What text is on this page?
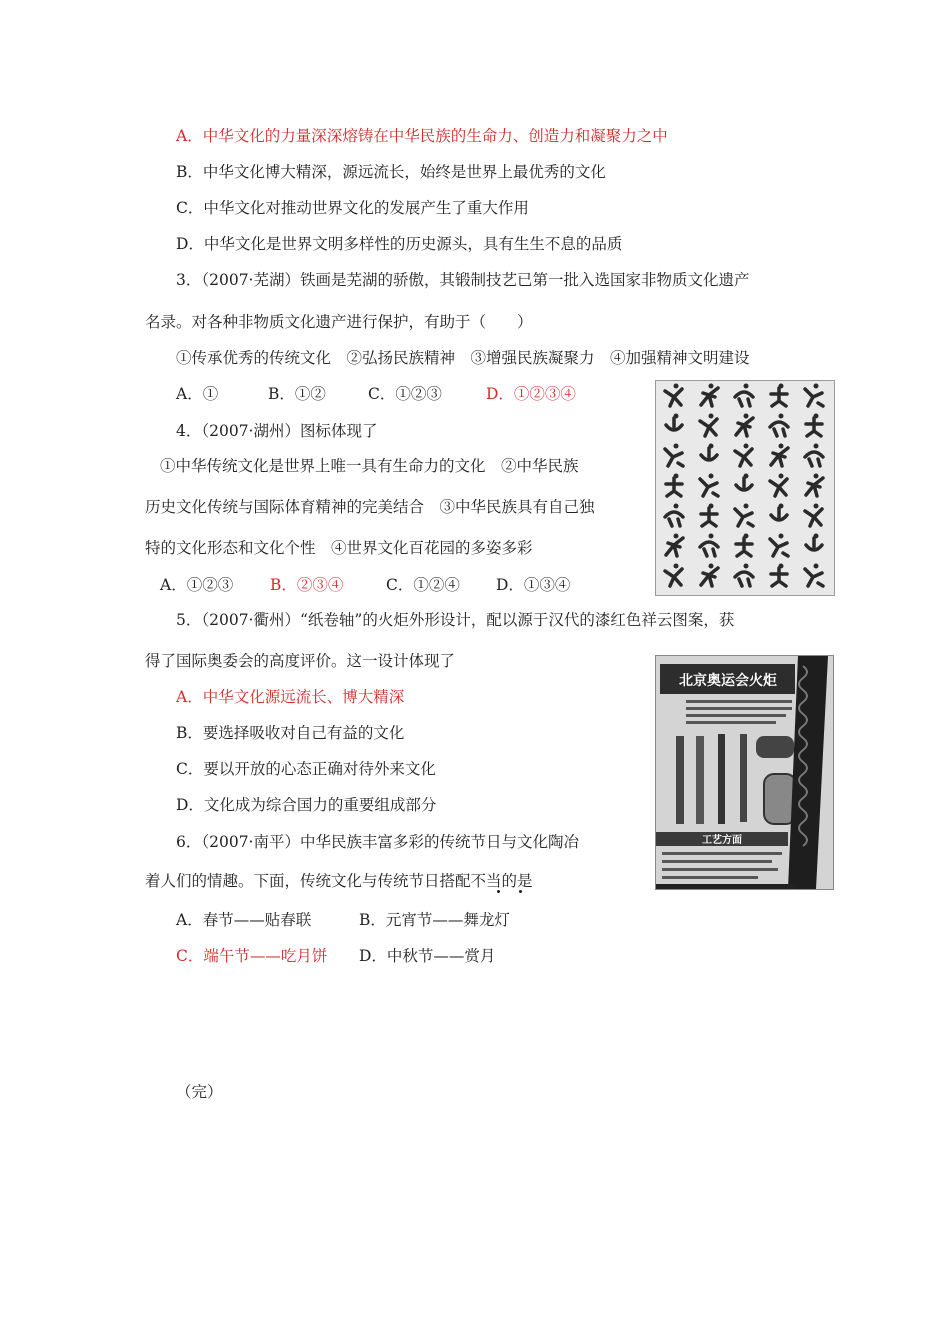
A．中华文化的力量深深熔铸在中华民族的生命力、创造力和凝聚力之中
B．中华文化博大精深，源远流长，始终是世界上最优秀的文化
C．中华文化对推动世界文化的发展产生了重大作用
D．中华文化是世界文明多样性的历史源头，具有生生不息的品质
3．（2007·芜湖）铁画是芜湖的骄傲，其锻制技艺已第一批入选国家非物质文化遗产
名录。对各种非物质文化遗产进行保护，有助于（　　）
①传承优秀的传统文化　②弘扬民族精神　③增强民族凝聚力　④加强精神文明建设
A．①	B．①②	C．①②③	D．①②③④
4．（2007·湖州）图标体现了
①中华传统文化是世界上唯一具有生命力的文化　②中华民族
历史文化传统与国际体育精神的完美结合　③中华民族具有自己独
特的文化形态和文化个性　④世界文化百花园的多姿多彩
A．①②③ B．②③④	C．①②④ D．①③④
5．（2007·衢州）“纸卷轴”的火炬外形设计，配以源于汉代的漆红色祥云图案，获
得了国际奥委会的高度评价。这一设计体现了
A．中华文化源远流长、博大精深
B．要选择吸收对自己有益的文化
C．要以开放的心态正确对待外来文化
D．文化成为综合国力的重要组成部分
北京奥运会火炬
工艺方面
6．（2007·南平）中华民族丰富多彩的传统节日与文化陶冶
着人们的情趣。下面，传统文化与传统节日搭配不当的是
A．春节——贴春联	B．元宵节——舞龙灯
C．端午节——吃月饼 D．中秋节——赏月
（完）
